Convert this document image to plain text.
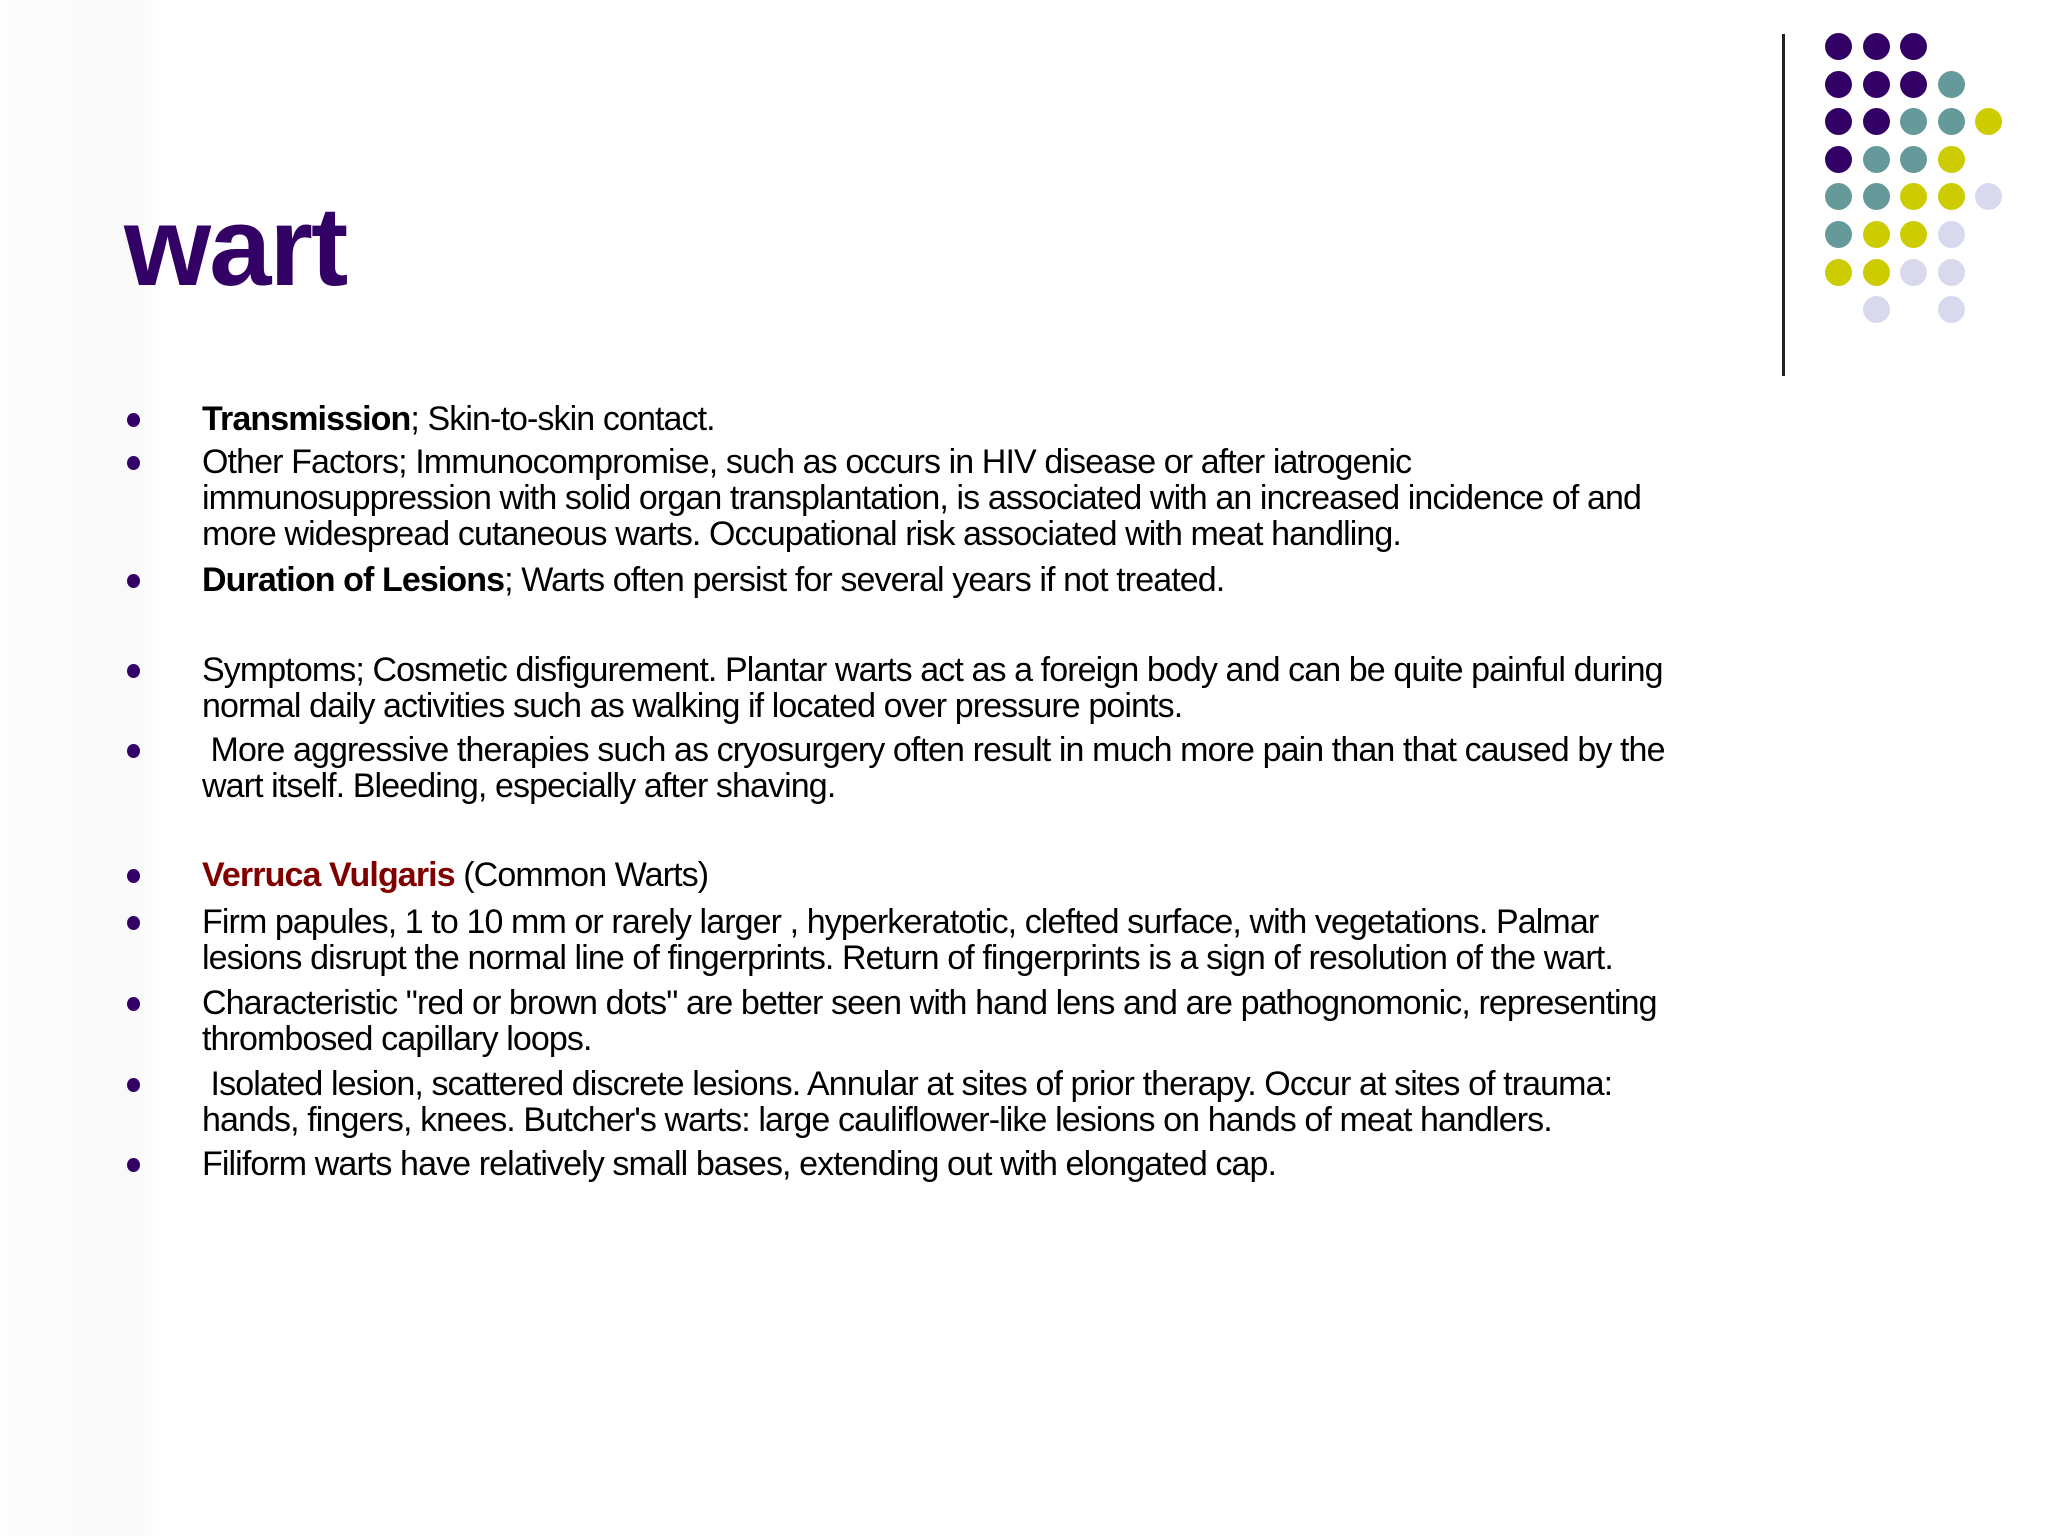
wart
Transmission; Skin-to-skin contact.
Other Factors; Immunocompromise, such as occurs in HIV disease or after iatrogenic
immunosuppression with solid organ transplantation, is associated with an increased incidence of and
more widespread cutaneous warts. Occupational risk associated with meat handling.
Duration of Lesions; Warts often persist for several years if not treated.
Symptoms; Cosmetic disfigurement. Plantar warts act as a foreign body and can be quite painful during
normal daily activities such as walking if located over pressure points.
More aggressive therapies such as cryosurgery often result in much more pain than that caused by the
wart itself. Bleeding, especially after shaving.
Verruca Vulgaris (Common Warts)
Firm papules, 1 to 10 mm or rarely larger , hyperkeratotic, clefted surface, with vegetations. Palmar
lesions disrupt the normal line of fingerprints. Return of fingerprints is a sign of resolution of the wart.
Characteristic "red or brown dots" are better seen with hand lens and are pathognomonic, representing
thrombosed capillary loops.
Isolated lesion, scattered discrete lesions. Annular at sites of prior therapy. Occur at sites of trauma:
hands, fingers, knees. Butcher's warts: large cauliflower-like lesions on hands of meat handlers.
Filiform warts have relatively small bases, extending out with elongated cap.
